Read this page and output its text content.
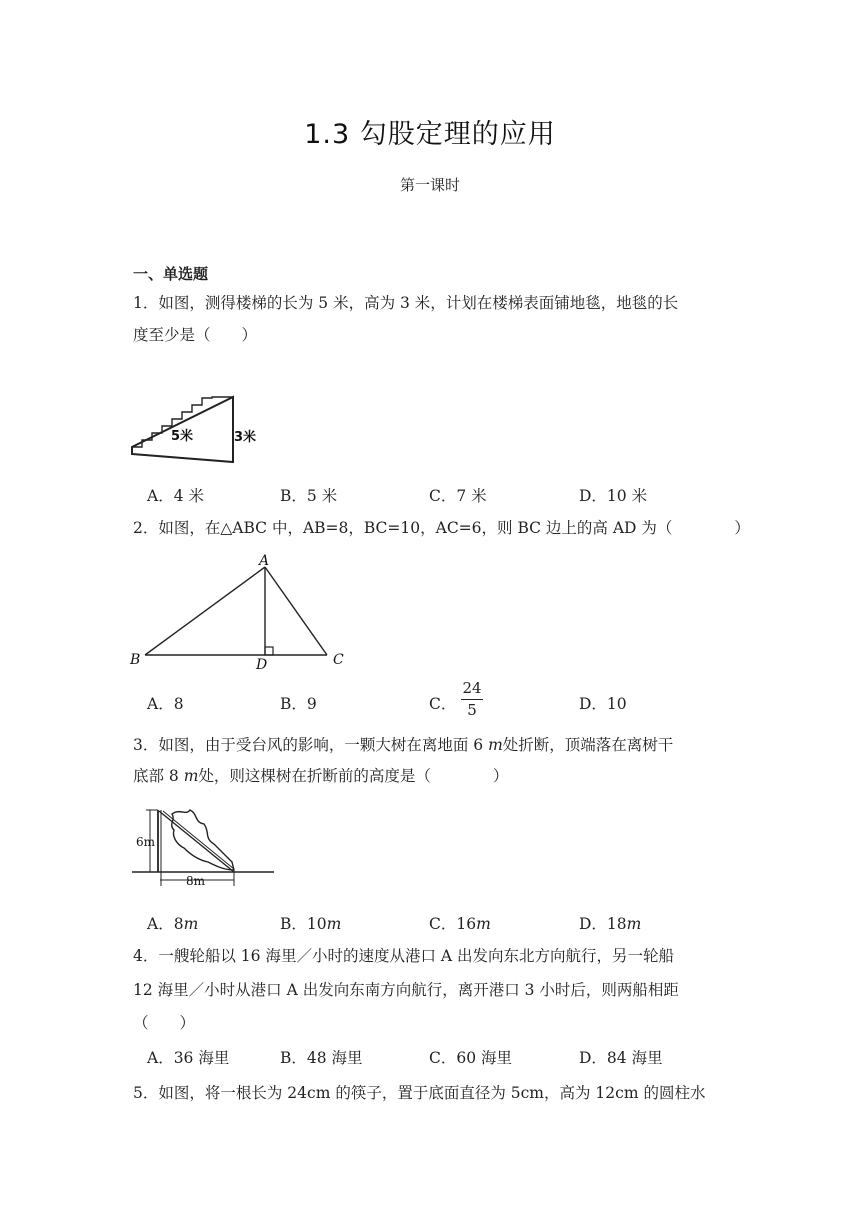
1.3 勾股定理的应用
第一课时
一、单选题
1．如图，测得楼梯的长为 5 米，高为 3 米，计划在楼梯表面铺地毯，地毯的长
度至少是（　　）
5米	3米
A．4 米	B．5 米	C．7 米	D．10 米
2．如图，在△ABC 中，AB=8，BC=10，AC=6，则 BC 边上的高 AD 为（　　　　）
A
B	C
D
A．8	B．9	C．
24
5	D．10
3．如图，由于受台风的影响，一颗大树在离地面 6 m处折断，顶端落在离树干
底部 8 m处，则这棵树在折断前的高度是（　　　　）
6m
8m
A．8m	B．10m	C．16m	D．18m
4．一艘轮船以 16 海里／小时的速度从港口 A 出发向东北方向航行，另一轮船
12 海里／小时从港口 A 出发向东南方向航行，离开港口 3 小时后，则两船相距
（　　）
A．36 海里	B．48 海里	C．60 海里	D．84 海里
5．如图，将一根长为 24cm 的筷子，置于底面直径为 5cm，高为 12cm 的圆柱水
